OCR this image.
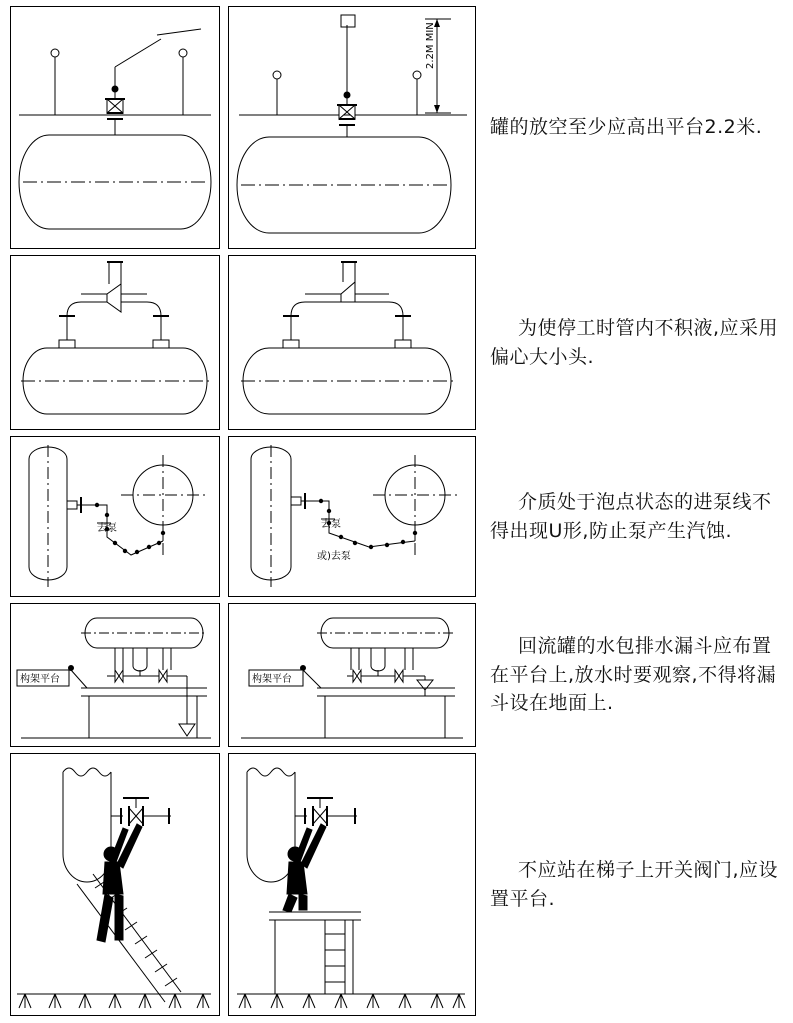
2.2M MIN
罐的放空至少应高出平台2.2米.
为使停工时管内不积液,应采用偏心大小头.
去泵	去泵
或)去泵
介质处于泡点状态的进泵线不得出现U形,防止泵产生汽蚀.
构架平台	构架平台
回流罐的水包排水漏斗应布置在平台上,放水时要观察,不得将漏斗设在地面上.
不应站在梯子上开关阀门,应设置平台.
